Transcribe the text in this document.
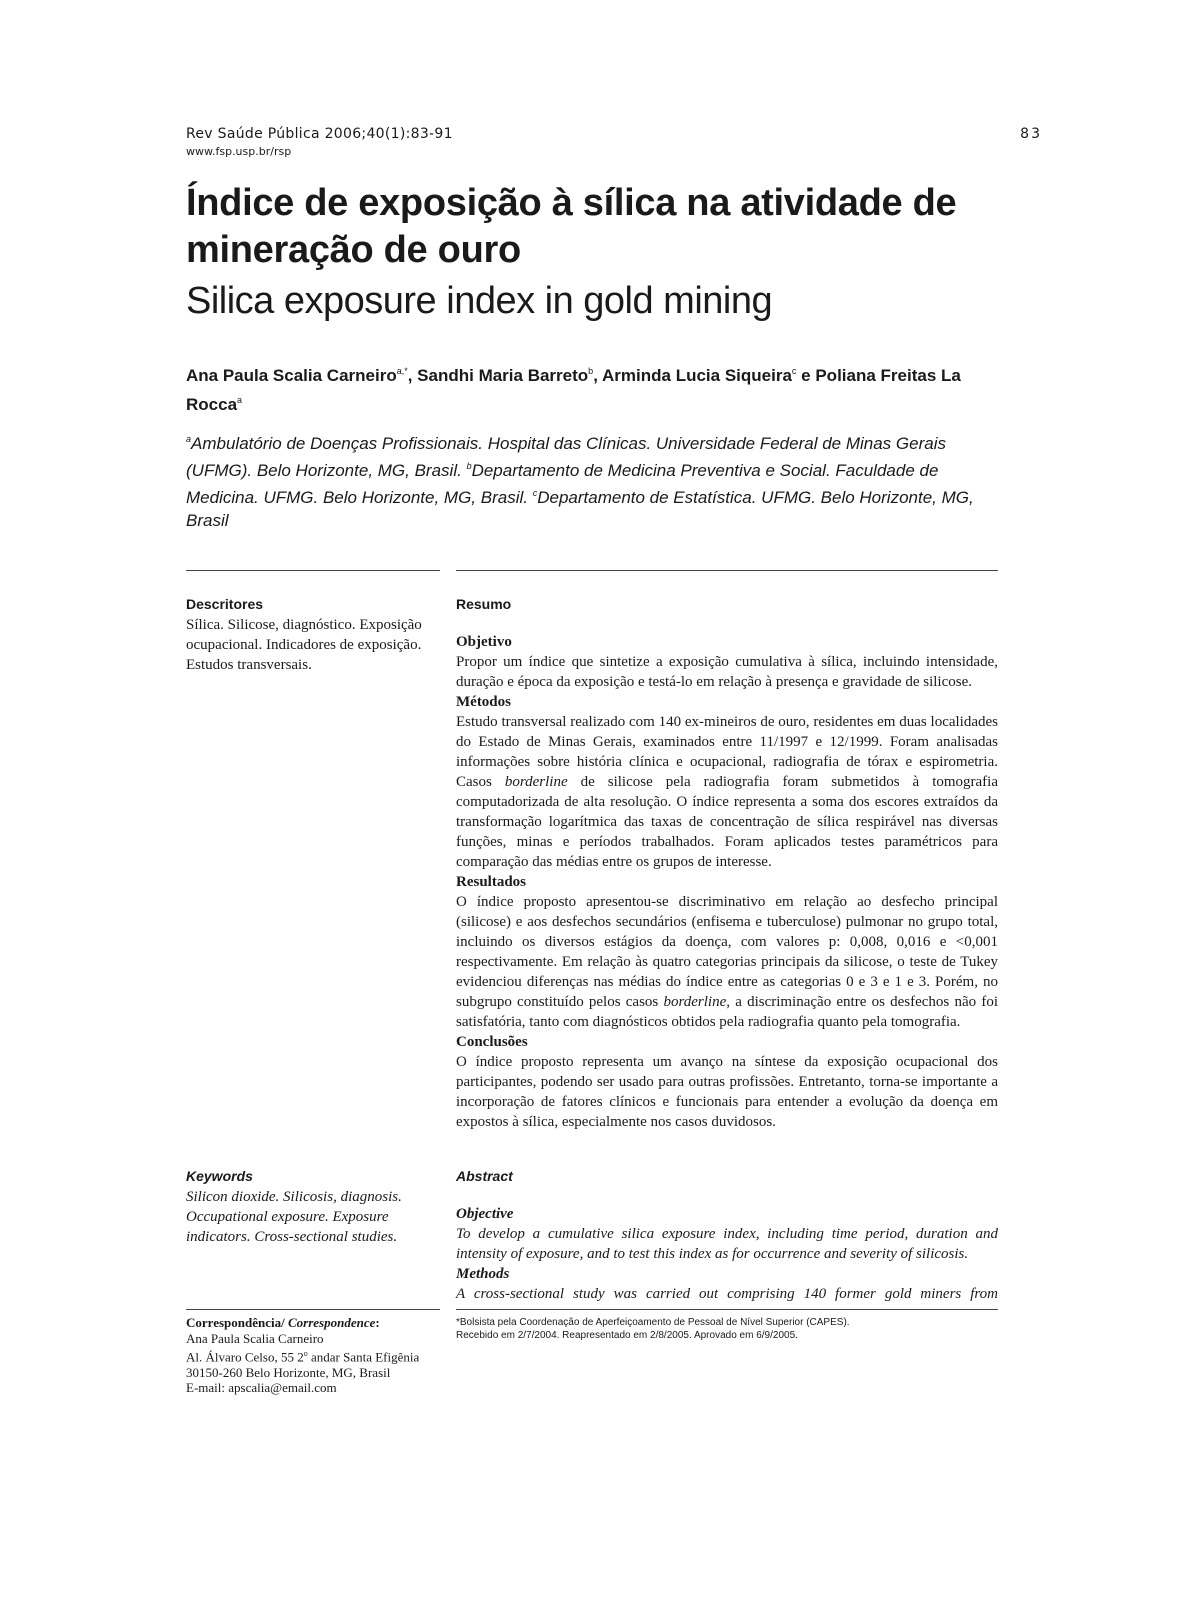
Rev Saúde Pública 2006;40(1):83-91
www.fsp.usp.br/rsp
83
Índice de exposição à sílica na atividade de mineração de ouro
Silica exposure index in gold mining
Ana Paula Scalia Carneiro$^{a,*}$, Sandhi Maria Barreto$^b$, Arminda Lucia Siqueira$^c$ e Poliana Freitas La Rocca$^a$
$^a$Ambulatório de Doenças Profissionais. Hospital das Clínicas. Universidade Federal de Minas Gerais (UFMG). Belo Horizonte, MG, Brasil. $^b$Departamento de Medicina Preventiva e Social. Faculdade de Medicina. UFMG. Belo Horizonte, MG, Brasil. $^c$Departamento de Estatística. UFMG. Belo Horizonte, MG, Brasil
Descritores
Sílica. Silicose, diagnóstico. Exposição ocupacional. Indicadores de exposição. Estudos transversais.
Keywords
Silicon dioxide. Silicosis, diagnosis. Occupational exposure. Exposure indicators. Cross-sectional studies.
Resumo
Objetivo
Propor um índice que sintetize a exposição cumulativa à sílica, incluindo intensidade, duração e época da exposição e testá-lo em relação à presença e gravidade de silicose.
Métodos
Estudo transversal realizado com 140 ex-mineiros de ouro, residentes em duas localidades do Estado de Minas Gerais, examinados entre 11/1997 e 12/1999. Foram analisadas informações sobre história clínica e ocupacional, radiografia de tórax e espirometria. Casos borderline de silicose pela radiografia foram submetidos à tomografia computadorizada de alta resolução. O índice representa a soma dos escores extraídos da transformação logarítmica das taxas de concentração de sílica respirável nas diversas funções, minas e períodos trabalhados. Foram aplicados testes paramétricos para comparação das médias entre os grupos de interesse.
Resultados
O índice proposto apresentou-se discriminativo em relação ao desfecho principal (silicose) e aos desfechos secundários (enfisema e tuberculose) pulmonar no grupo total, incluindo os diversos estágios da doença, com valores p: 0,008, 0,016 e <0,001 respectivamente. Em relação às quatro categorias principais da silicose, o teste de Tukey evidenciou diferenças nas médias do índice entre as categorias 0 e 3 e 1 e 3. Porém, no subgrupo constituído pelos casos borderline, a discriminação entre os desfechos não foi satisfatória, tanto com diagnósticos obtidos pela radiografia quanto pela tomografia.
Conclusões
O índice proposto representa um avanço na síntese da exposição ocupacional dos participantes, podendo ser usado para outras profissões. Entretanto, torna-se importante a incorporação de fatores clínicos e funcionais para entender a evolução da doença em expostos à sílica, especialmente nos casos duvidosos.
Abstract
Objective
To develop a cumulative silica exposure index, including time period, duration and intensity of exposure, and to test this index as for occurrence and severity of silicosis.
Methods
A cross-sectional study was carried out comprising 140 former gold miners from
Correspondência/ Correspondence:
Ana Paula Scalia Carneiro
Al. Álvaro Celso, 55 2$^o$ andar Santa Efigênia
30150-260 Belo Horizonte, MG, Brasil
E-mail: apscalia@email.com
*Bolsista pela Coordenação de Aperfeiçoamento de Pessoal de Nível Superior (CAPES).
Recebido em 2/7/2004. Reapresentado em 2/8/2005. Aprovado em 6/9/2005.
